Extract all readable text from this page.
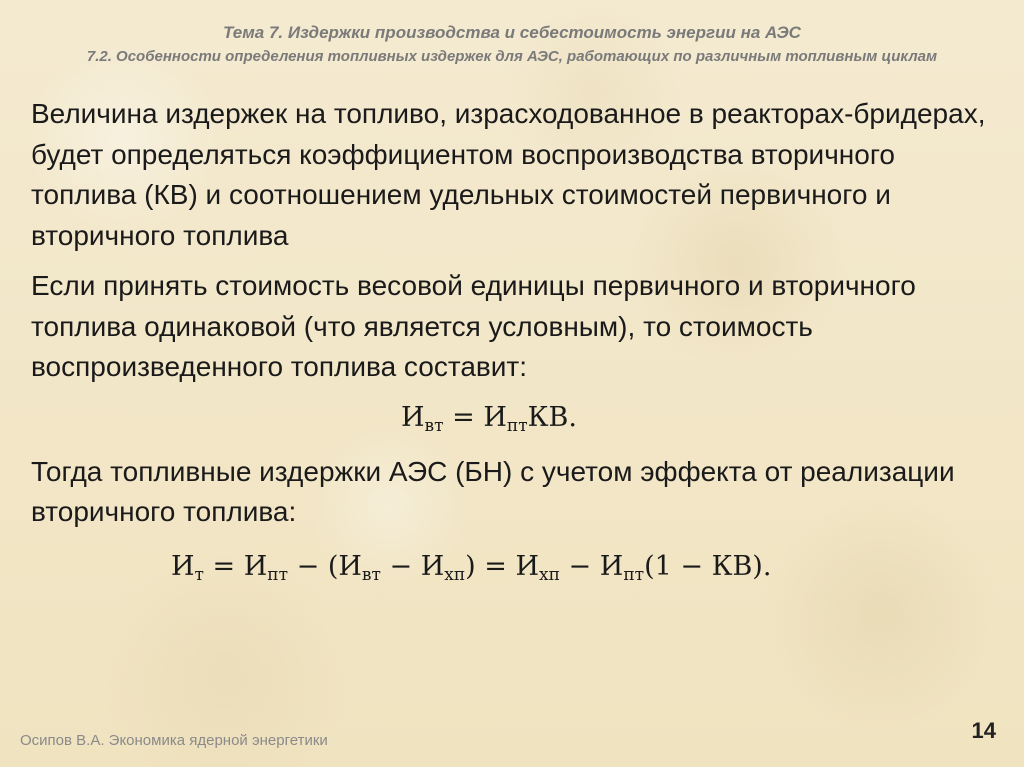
Тема 7. Издержки производства и себестоимость энергии на АЭС
7.2. Особенности определения топливных издержек для АЭС, работающих по различным топливным циклам

Величина издержек на топливо, израсходованное в реакторах-бридерах, будет определяться коэффициентом воспроизводства вторичного топлива (КВ) и соотношением удельных стоимостей первичного и вторичного топлива

Если принять стоимость весовой единицы первичного и вторичного топлива одинаковой (что является условным), то стоимость воспроизведенного топлива составит:

$И_{вт} = И_{пт}КВ$.

Тогда топливные издержки АЭС (БН) с учетом эффекта от реализации вторичного топлива:

$И_т = И_{пт} - (И_{вт} - И_{хп}) = И_{хп} - И_{пт}(1 - КВ)$.
Осипов В.А. Экономика ядерной энергетики	14
